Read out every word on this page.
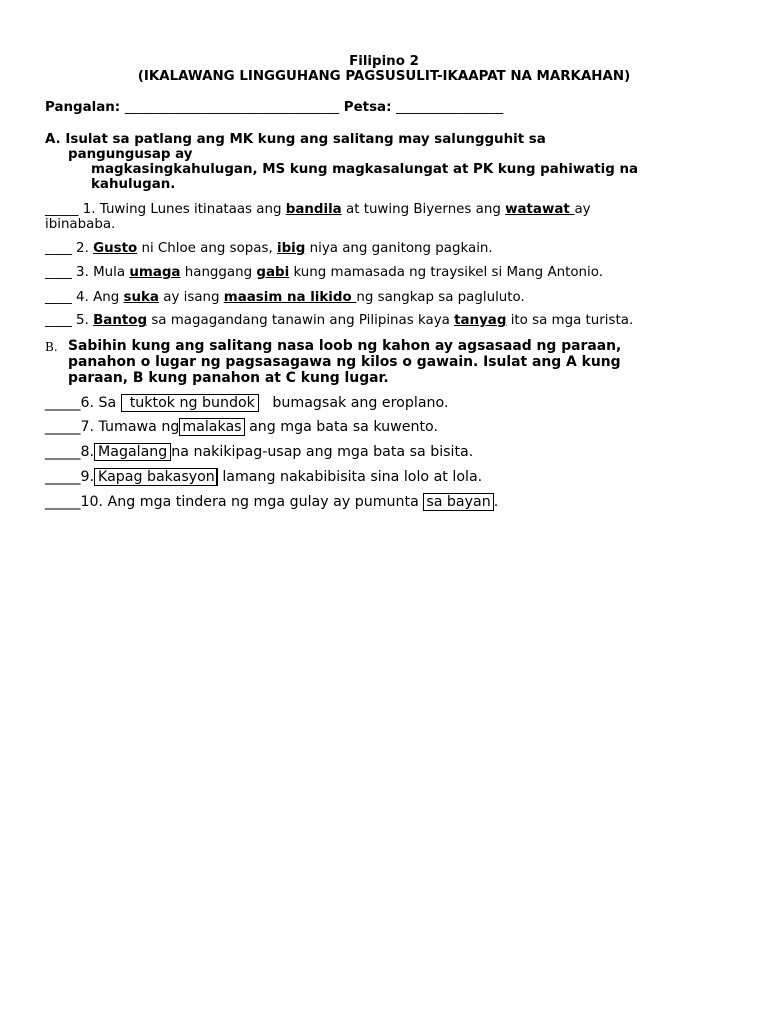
Filipino 2
(IKALAWANG LINGGUHANG PAGSUSULIT-IKAAPAT NA MARKAHAN)
Pangalan: ________________________________ Petsa: ________________
A. Isulat sa patlang ang MK kung ang salitang may salungguhit sa
pangungusap ay
magkasingkahulugan, MS kung magkasalungat at PK kung pahiwatig na
kahulugan.
_____ 1. Tuwing Lunes itinataas ang bandila at tuwing Biyernes ang watawat ay
ibinababa.
____ 2. Gusto ni Chloe ang sopas, ibig niya ang ganitong pagkain.
____ 3. Mula umaga hanggang gabi kung mamasada ng traysikel si Mang Antonio.
____ 4. Ang suka ay isang maasim na likido ng sangkap sa pagluluto.
____ 5. Bantog sa magagandang tanawin ang Pilipinas kaya tanyag ito sa mga turista.
B. Sabihin kung ang salitang nasa loob ng kahon ay agsasaad ng paraan,
panahon o lugar ng pagsasagawa ng kilos o gawain. Isulat ang A kung
paraan, B kung panahon at C kung lugar.
_____6. Sa tuktok ng bundok bumagsak ang eroplano.
_____7. Tumawa ng malakas ang mga bata sa kuwento.
_____8. Magalang na nakikipag-usap ang mga bata sa bisita.
_____9. Kapag bakasyon lamang nakabibisita sina lolo at lola.
_____10. Ang mga tindera ng mga gulay ay pumunta sa bayan .
